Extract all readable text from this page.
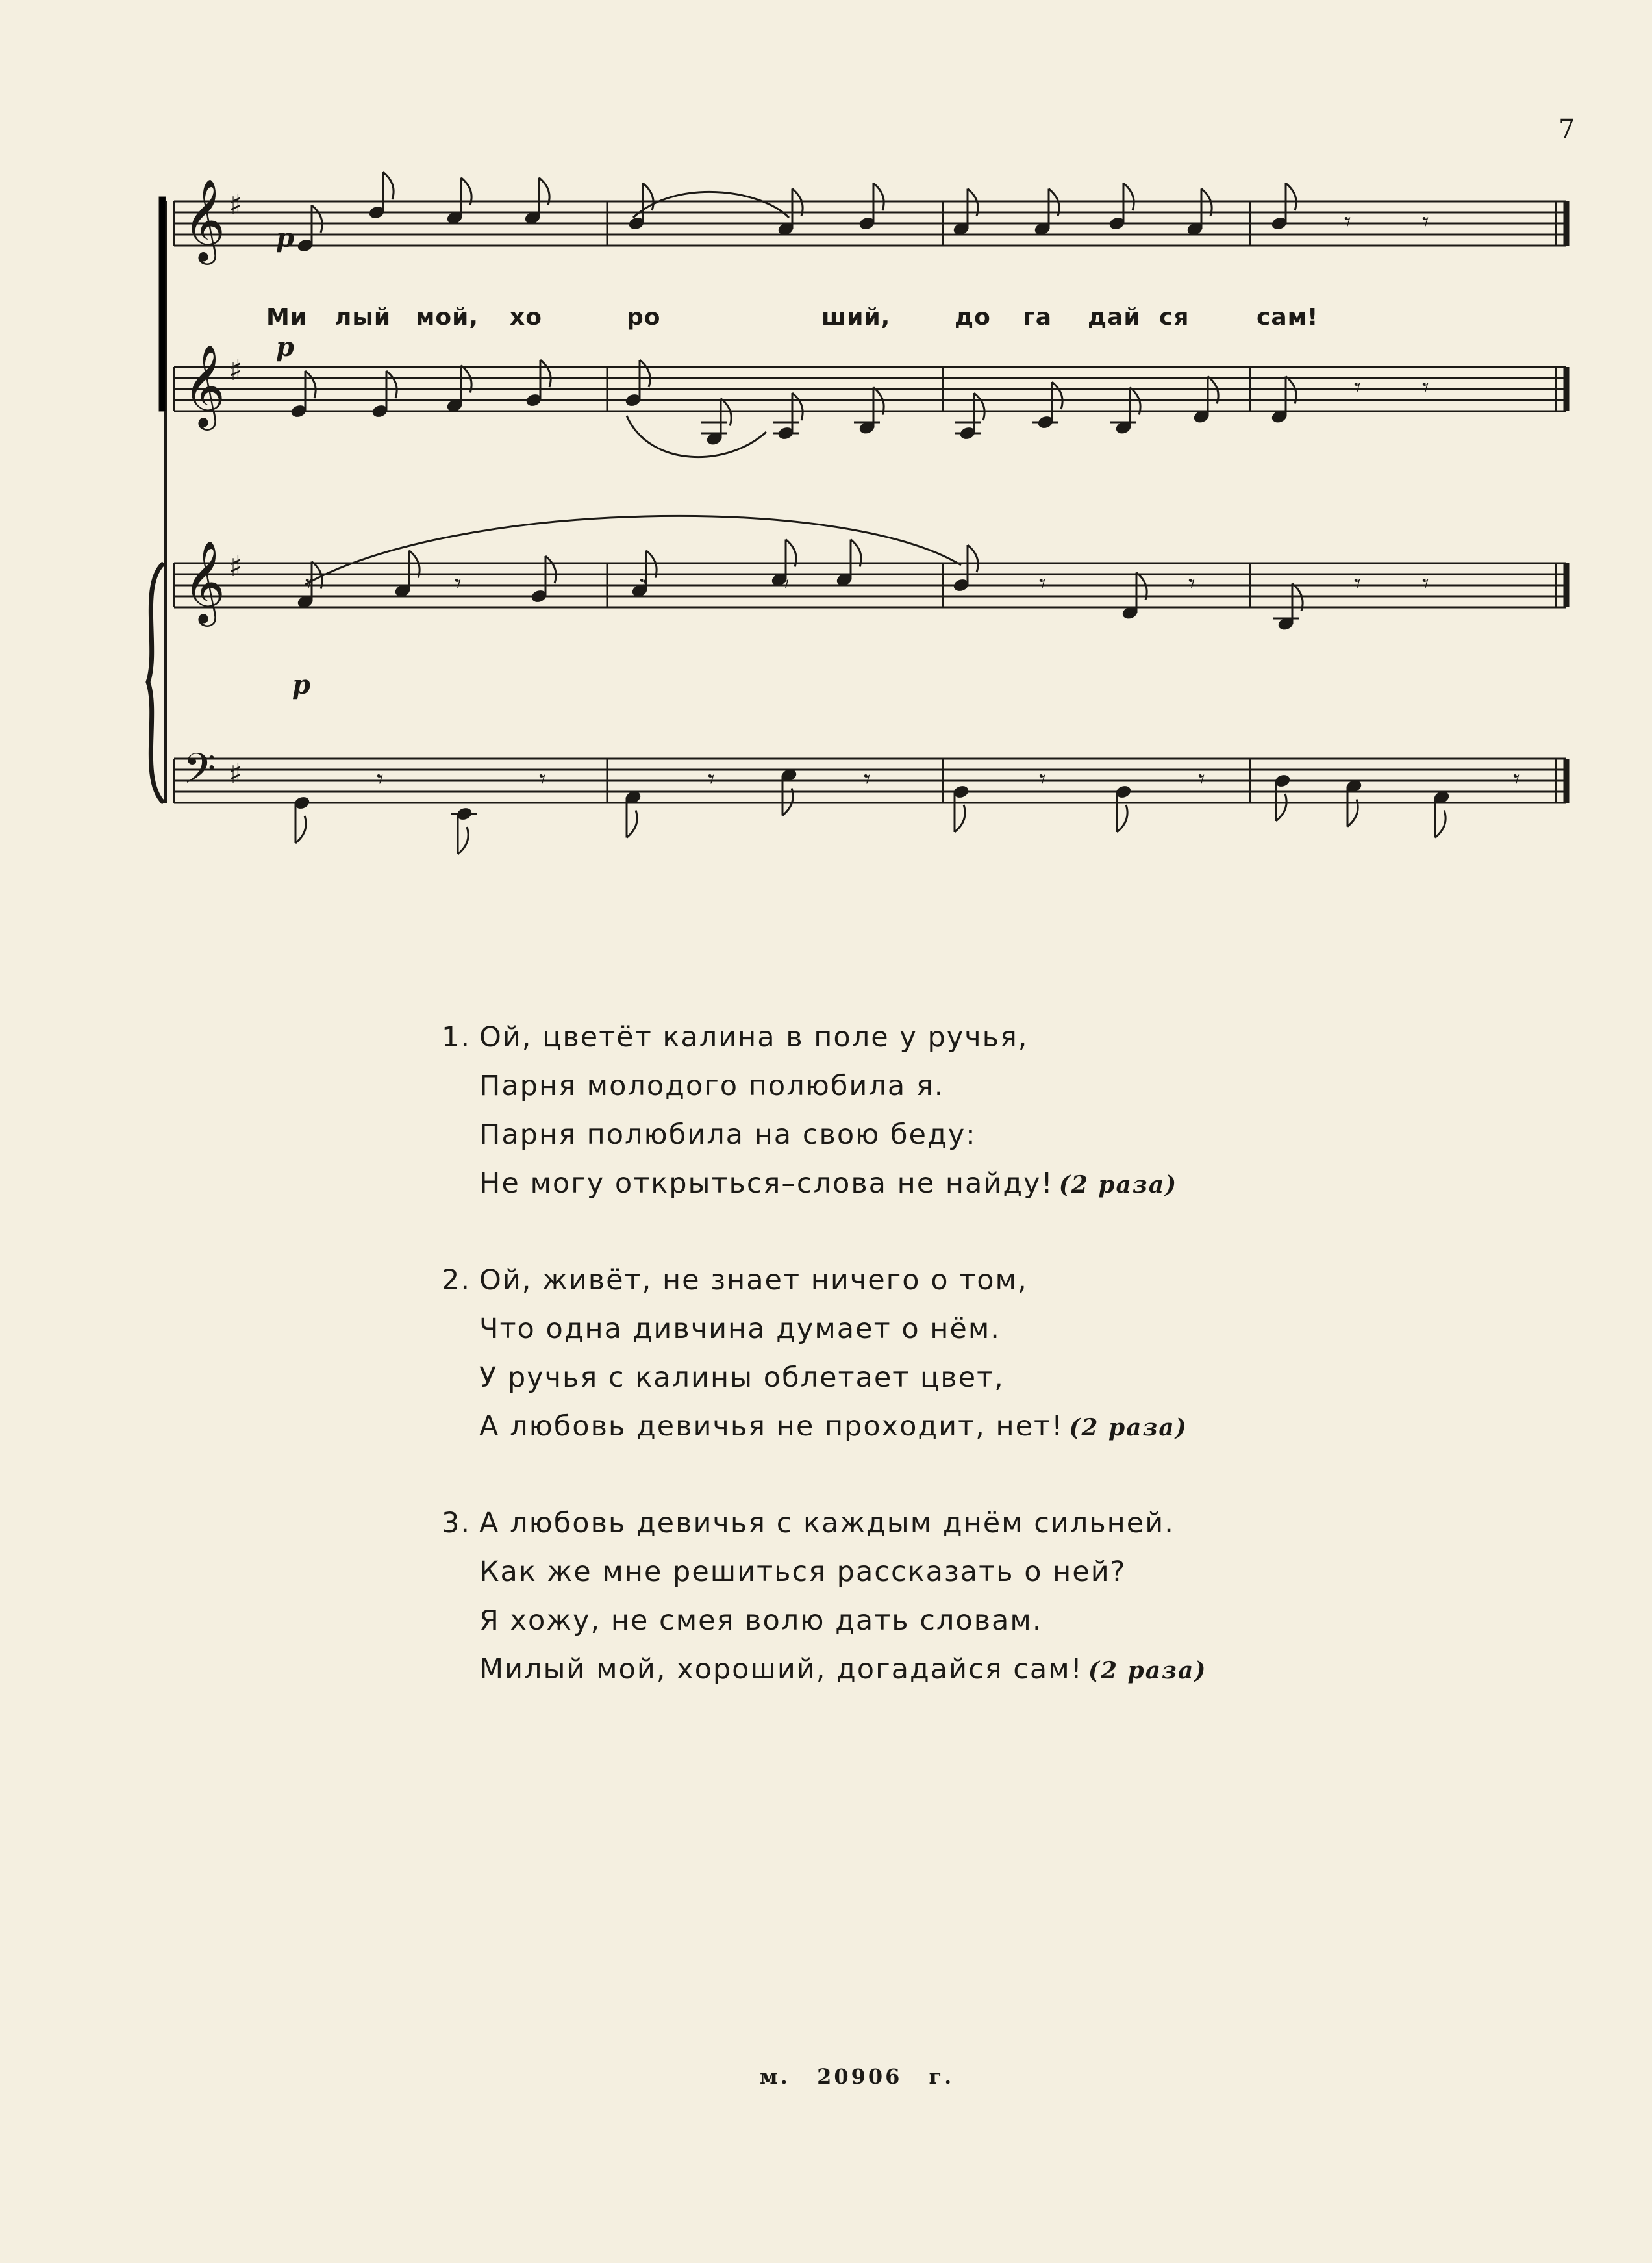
7
𝄞 ♯
𝄞 ♯
𝄞 ♯
𝄢 ♯
𝄾	𝄾
𝄾 𝄾
𝄾	𝄾	𝄾	𝄾	𝄾	𝄾	𝄾 𝄾
𝄾	𝄾	𝄾	𝄾	𝄾	𝄾	𝄾
p
p
p
Ми лый мой, хо	ро	ший,	до га дай ся	сам!
1. Ой, цветёт калина в поле у ручья,
Парня молодого полюбила я.
Парня полюбила на свою беду:
Не могу открыться–слова не найду! (2 раза)
2. Ой, живёт, не знает ничего о том,
Что одна дивчина думает о нём.
У ручья с калины облетает цвет,
А любовь девичья не проходит, нет! (2 раза)
3. А любовь девичья с каждым днём сильней.
Как же мне решиться рассказать о ней?
Я хожу, не смея волю дать словам.
Милый мой, хороший, догадайся сам! (2 раза)
м. 20906 г.
